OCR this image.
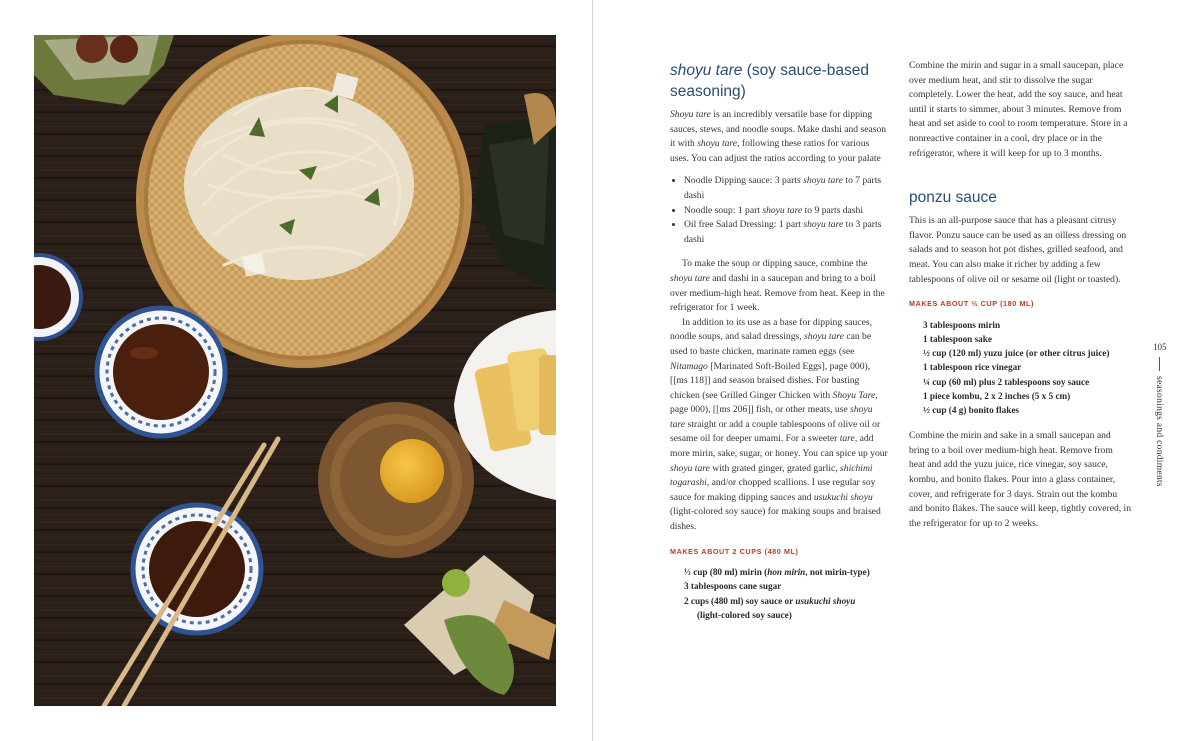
shoyu tare (soy sauce-based seasoning)

Shoyu tare is an incredibly versatile base for dipping sauces, stews, and noodle soups. Make dashi and season it with shoyu tare, following these ratios for various uses. You can adjust the ratios according to your palate

• Noodle Dipping sauce: 3 parts shoyu tare to 7 parts dashi
• Noodle soup: 1 part shoyu tare to 9 parts dashi
• Oil free Salad Dressing: 1 part shoyu tare to 3 parts dashi

To make the soup or dipping sauce, combine the shoyu tare and dashi in a saucepan and bring to a boil over medium-high heat. Remove from heat. Keep in the refrigerator for 1 week.

In addition to its use as a base for dipping sauces, noodle soups, and salad dressings, shoyu tare can be used to baste chicken, marinate ramen eggs (see Nitamago [Marinated Soft-Boiled Eggs], page 000), [[ms 118]] and season braised dishes. For basting chicken (see Grilled Ginger Chicken with Shoyu Tare, page 000), [[ms 206]] fish, or other meats, use shoyu tare straight or add a couple tablespoons of olive oil or sesame oil for deeper umami. For a sweeter tare, add more mirin, sake, sugar, or honey. You can spice up your shoyu tare with grated ginger, grated garlic, shichimi togarashi, and/or chopped scallions. I use regular soy sauce for making dipping sauces and usukuchi shoyu (light-colored soy sauce) for making soups and braised dishes.

MAKES ABOUT 2 CUPS (480 ML)
⅓ cup (80 ml) mirin (hon mirin, not mirin-type)
3 tablespoons cane sugar
2 cups (480 ml) soy sauce or usukuchi shoyu
(light-colored soy sauce)

Combine the mirin and sugar in a small saucepan, place over medium heat, and stir to dissolve the sugar completely. Lower the heat, add the soy sauce, and heat until it starts to simmer, about 3 minutes. Remove from heat and set aside to cool to room temperature. Store in a nonreactive container in a cool, dry place or in the refrigerator, where it will keep for up to 3 months.

ponzu sauce

This is an all-purpose sauce that has a pleasant citrusy flavor. Ponzu sauce can be used as an oilless dressing on salads and to season hot pot dishes, grilled seafood, and meat. You can also make it richer by adding a few tablespoons of olive oil or sesame oil (light or toasted).

MAKES ABOUT ⅔ CUP (180 ML)
3 tablespoons mirin
1 tablespoon sake
½ cup (120 ml) yuzu juice (or other citrus juice)
1 tablespoon rice vinegar
¼ cup (60 ml) plus 2 tablespoons soy sauce
1 piece kombu, 2 x 2 inches (5 x 5 cm)
½ cup (4 g) bonito flakes

Combine the mirin and sake in a small saucepan and bring to a boil over medium-high heat. Remove from heat and add the yuzu juice, rice vinegar, soy sauce, kombu, and bonito flakes. Pour into a glass container, cover, and refrigerate for 3 days. Strain out the kombu and bonito flakes. The sauce will keep, tightly covered, in the refrigerator for up to 2 weeks.

105
seasonings and condiments
